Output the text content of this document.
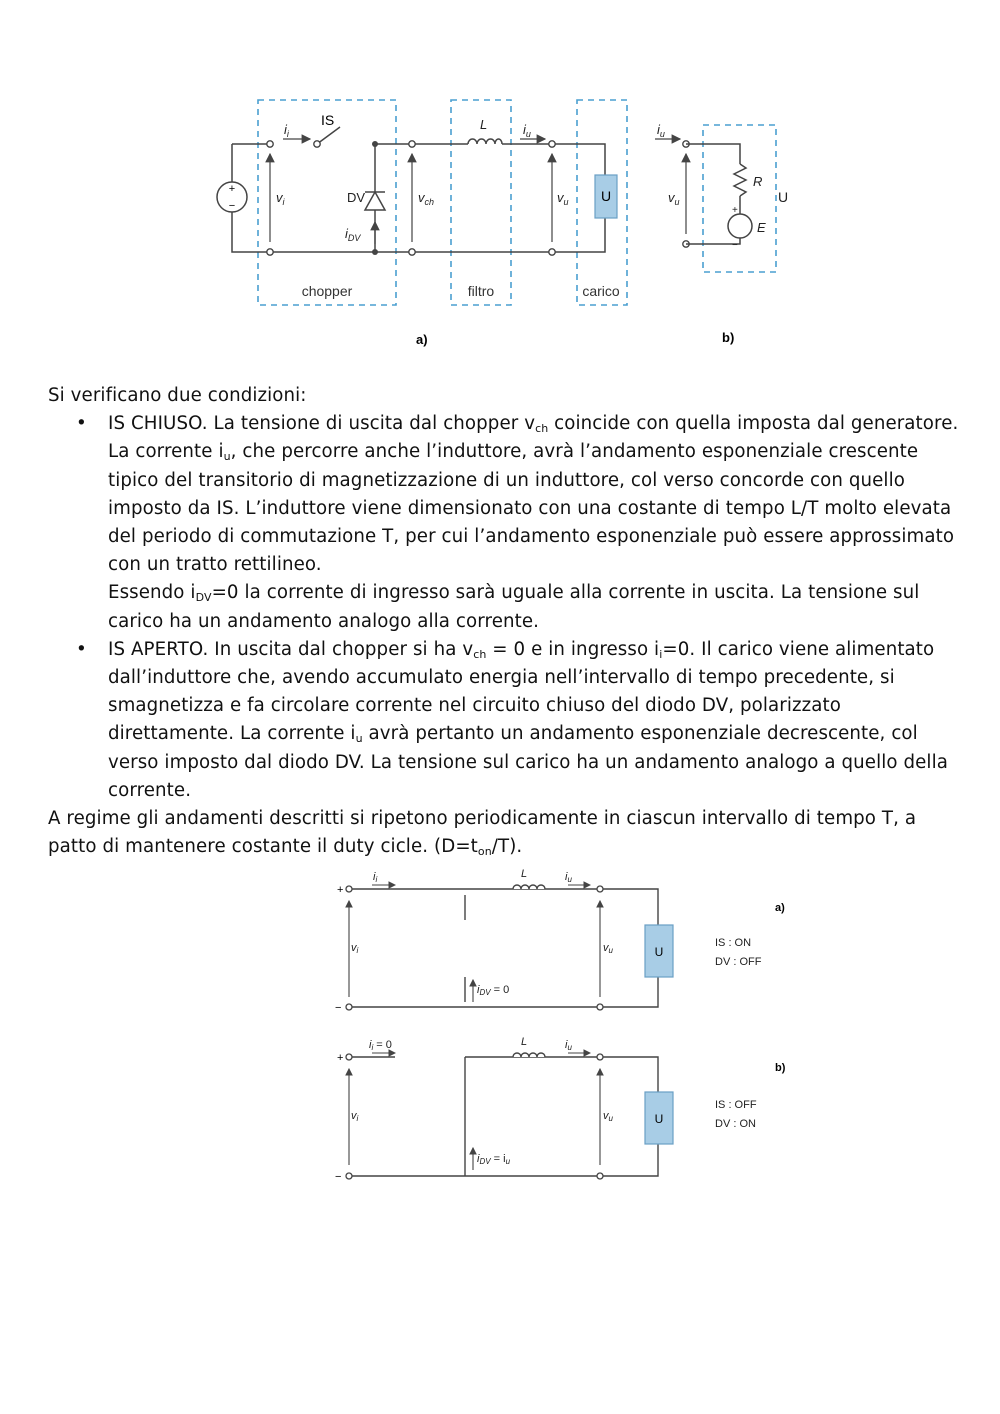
+
−
U
$i_i$
$v_i$	DV
$i_{DV}$
$v_{ch}$
L	$i_u$
$v_u$
$i_u$
$v_u$
R
E
IS
chopper	filtro	carico
a)	b)
+
−
U

Si verificano due condizioni:

• IS CHIUSO. La tensione di uscita dal chopper $v_{ch}$ coincide con quella imposta dal generatore. La corrente $i_u$, che percorre anche l’induttore, avrà l’andamento esponenziale crescente tipico del transitorio di magnetizzazione di un induttore, col verso concorde con quello imposto da IS. L’induttore viene dimensionato con una costante di tempo L/T molto elevata del periodo di commutazione T, per cui l’andamento esponenziale può essere approssimato con un tratto rettilineo.
Essendo $i_{DV}=0$ la corrente di ingresso sarà uguale alla corrente in uscita. La tensione sul carico ha un andamento analogo alla corrente.
• IS APERTO. In uscita dal chopper si ha $v_{ch} = 0$ e in ingresso $i_i=0$. Il carico viene alimentato dall’induttore che, avendo accumulato energia nell’intervallo di tempo precedente, si smagnetizza e fa circolare corrente nel circuito chiuso del diodo DV, polarizzato direttamente. La corrente $i_u$ avrà pertanto un andamento esponenziale decrescente, col verso imposto dal diodo DV. La tensione sul carico ha un andamento analogo a quello della corrente.

A regime gli andamenti descritti si ripetono periodicamente in ciascun intervallo di tempo T, a patto di mantenere costante il duty cicle. $(D=t_{on}/T)$.

U
+
−
ii	L	iu
vi	vu
iDV = 0
IS : ON
DV : OFF
a)
U
+
−
ii = 0	L	iu
vi	vu
iDV = iu
IS : OFF
DV : ON
b)
